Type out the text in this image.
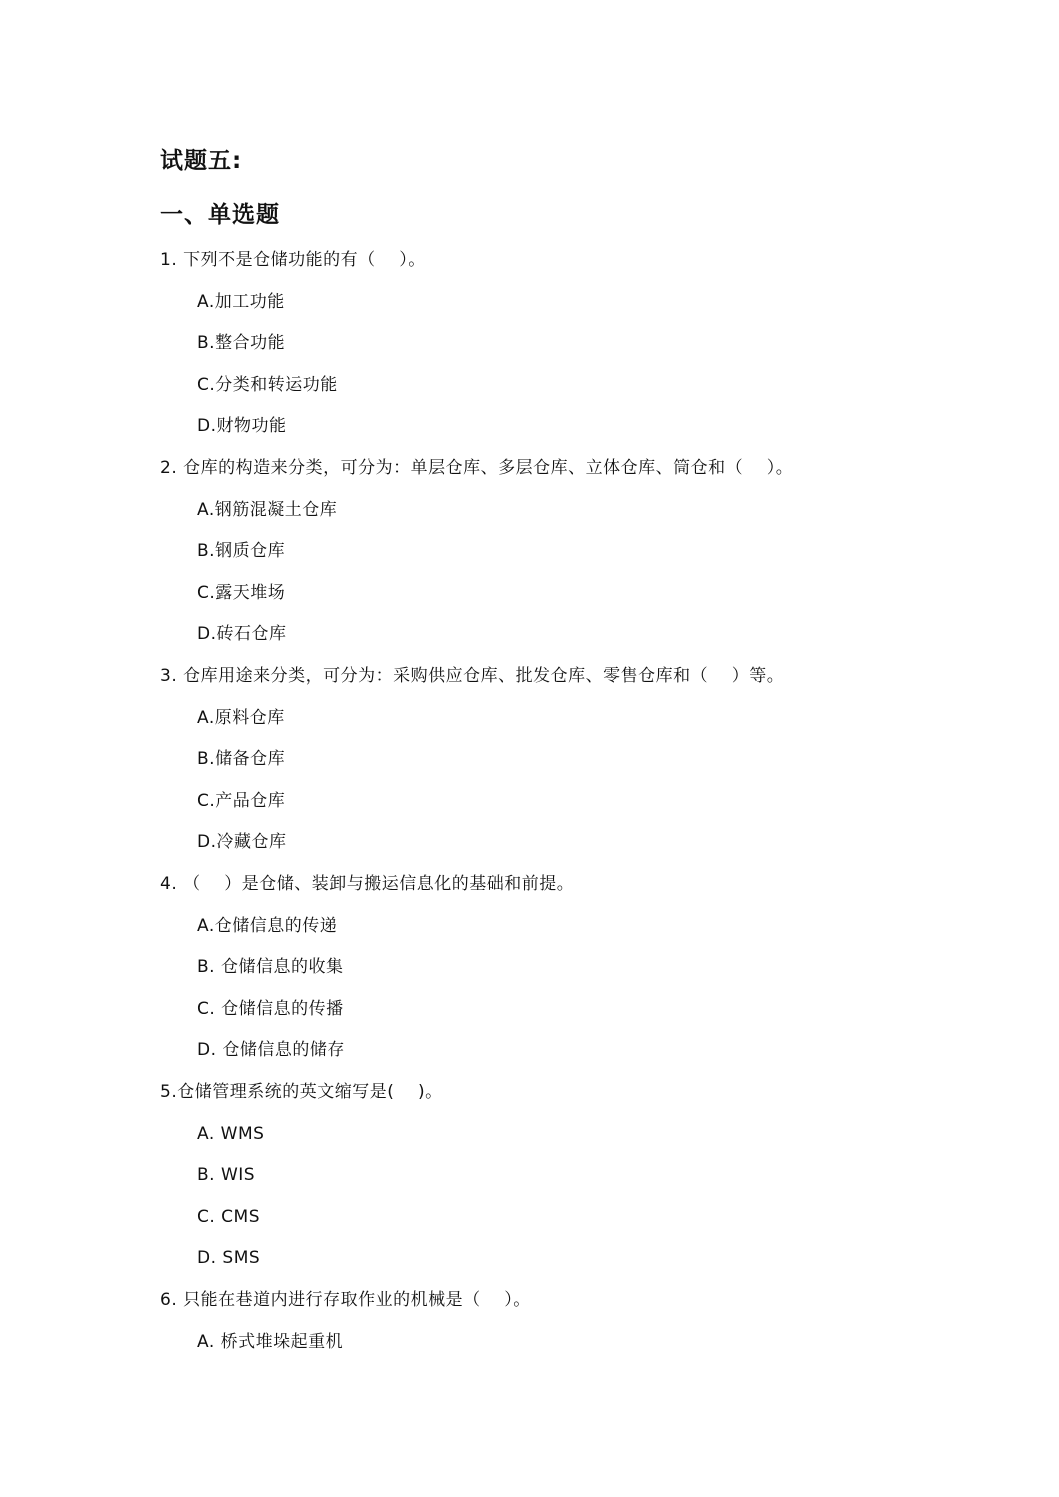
试题五:
一、单选题
1. 下列不是仓储功能的有（    ）。
A.加工功能
B.整合功能
C.分类和转运功能
D.财物功能
2. 仓库的构造来分类，可分为：单层仓库、多层仓库、立体仓库、筒仓和（    ）。
A.钢筋混凝土仓库
B.钢质仓库
C.露天堆场
D.砖石仓库
3. 仓库用途来分类，可分为：采购供应仓库、批发仓库、零售仓库和（    ）等。
A.原料仓库
B.储备仓库
C.产品仓库
D.冷藏仓库
4. （    ）是仓储、装卸与搬运信息化的基础和前提。
A.仓储信息的传递
B. 仓储信息的收集
C. 仓储信息的传播
D. 仓储信息的储存
5.仓储管理系统的英文缩写是(    )。
A. WMS
B. WIS
C. CMS
D. SMS
6. 只能在巷道内进行存取作业的机械是（    ）。
A. 桥式堆垛起重机
